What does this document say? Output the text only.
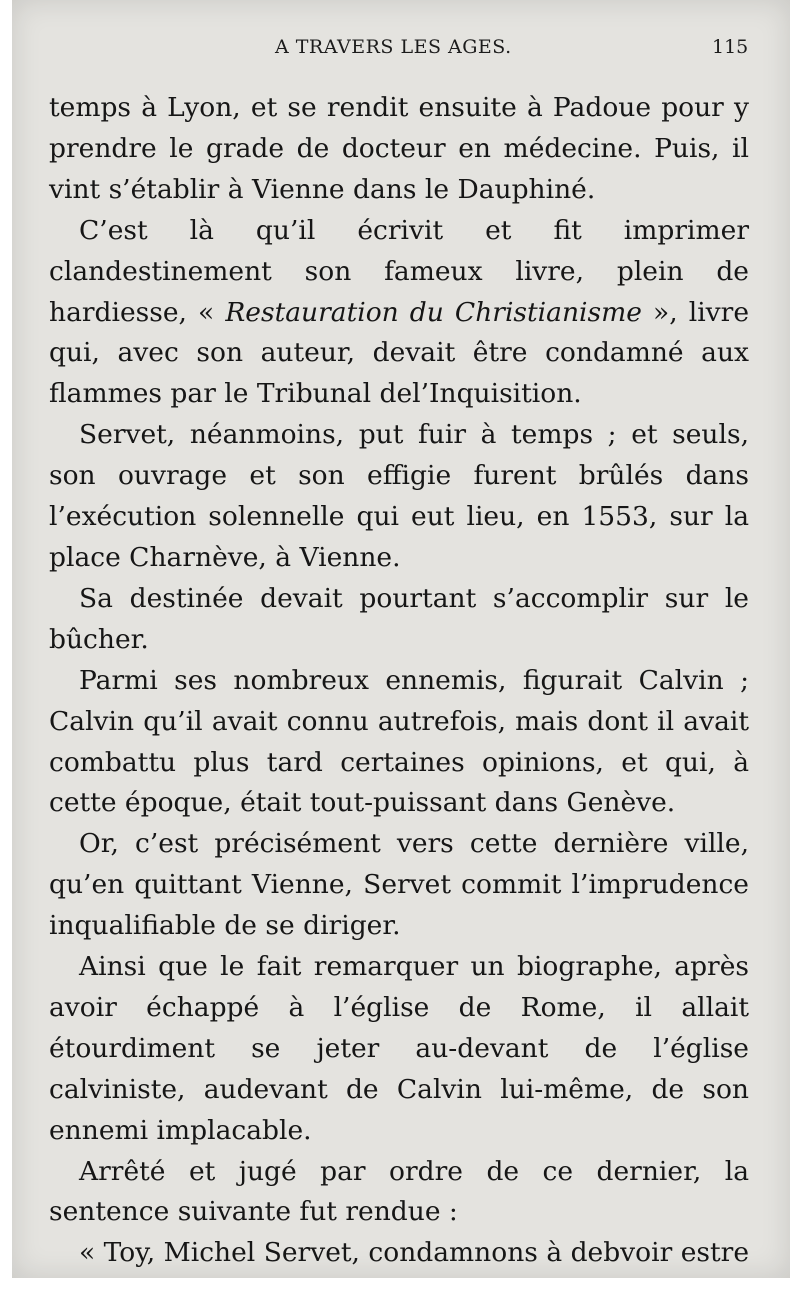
A TRAVERS LES AGES.	115

temps à Lyon, et se rendit ensuite à Padoue pour y prendre le grade de docteur en médecine. Puis, il vint s’établir à Vienne dans le Dauphiné.

C’est là qu’il écrivit et fit imprimer clandestinement son fameux livre, plein de hardiesse, « Restauration du Christianisme », livre qui, avec son auteur, devait être condamné aux flammes par le Tribunal del’Inquisition.

Servet, néanmoins, put fuir à temps ; et seuls, son ouvrage et son effigie furent brûlés dans l’exécution solennelle qui eut lieu, en 1553, sur la place Charnève, à Vienne.

Sa destinée devait pourtant s’accomplir sur le bûcher.

Parmi ses nombreux ennemis, figurait Calvin ; Calvin qu’il avait connu autrefois, mais dont il avait combattu plus tard certaines opinions, et qui, à cette époque, était tout-puissant dans Genève.

Or, c’est précisément vers cette dernière ville, qu’en quittant Vienne, Servet commit l’imprudence inqualifiable de se diriger.

Ainsi que le fait remarquer un biographe, après avoir échappé à l’église de Rome, il allait étourdiment se jeter au-devant de l’église calviniste, audevant de Calvin lui-même, de son ennemi implacable.

Arrêté et jugé par ordre de ce dernier, la sentence suivante fut rendue :

« Toy, Michel Servet, condamnons à debvoir estre
